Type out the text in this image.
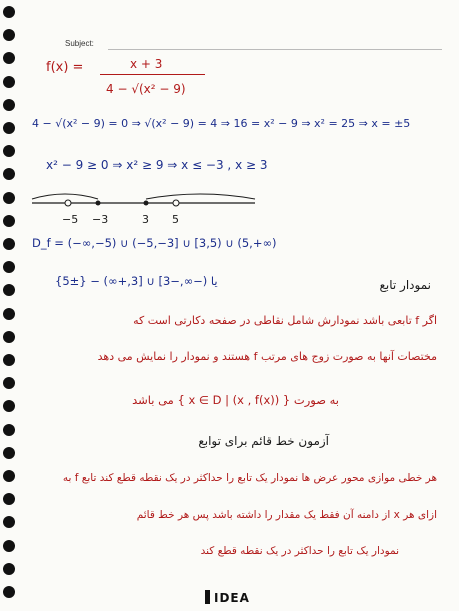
Subject:
f(x) =	x + 3
4 − √(x² − 9)
4 − √(x² − 9) = 0 ⇒ √(x² − 9) = 4 ⇒ 16 = x² − 9 ⇒ x² = 25 ⇒ x = ±5
x² − 9 ≥ 0 ⇒ x² ≥ 9 ⇒ x ≤ −3 , x ≥ 3
−5 −3	3 5
D_f = (−∞,−5) ∪ (−5,−3] ∪ [3,5) ∪ (5,+∞)
یا (−∞,−3] ∪ [3,+∞) − {±5}	نمودار تابع
اگر f تابعی باشد نمودارش شامل نقاطی در صفحه دکارتی است که
مختصات آنها به صورت زوج های مرتب f هستند و نمودار را نمایش می دهد
به صورت { (x , f(x)) | x ∈ D } می باشد
آزمون خط قائم برای توابع
هر خطی موازی محور عرض ها نمودار یک تابع را حداکثر در یک نقطه قطع کند تابع f به
ازای هر x از دامنه آن فقط یک مقدار را داشته باشد پس هر خط قائم
نمودار یک تابع را حداکثر در یک نقطه قطع کند
IDEA
